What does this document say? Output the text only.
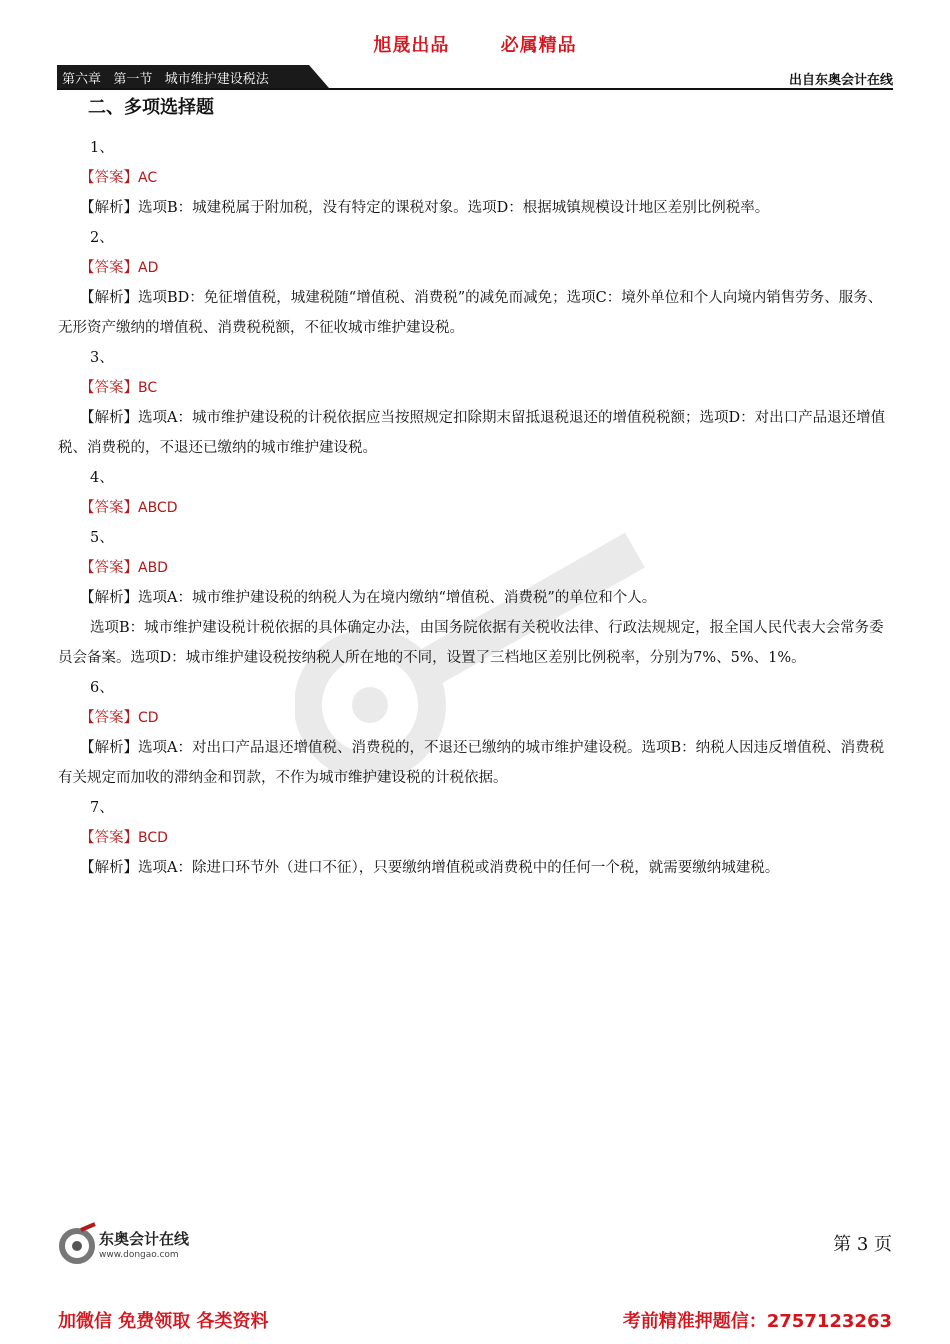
旭晟出品	必属精品
第六章   第一节   城市维护建设税法	出自东奥会计在线
二、多项选择题
1、
【答案】AC
【解析】选项B：城建税属于附加税，没有特定的课税对象。选项D：根据城镇规模设计地区差别比例税率。
2、
【答案】AD
【解析】选项BD：免征增值税，城建税随“增值税、消费税”的减免而减免；选项C：境外单位和个人向境内销售劳务、服务、无形资产缴纳的增值税、消费税税额，不征收城市维护建设税。
3、
【答案】BC
【解析】选项A：城市维护建设税的计税依据应当按照规定扣除期末留抵退税退还的增值税税额；选项D：对出口产品退还增值税、消费税的，不退还已缴纳的城市维护建设税。
4、
【答案】ABCD
5、
【答案】ABD
【解析】选项A：城市维护建设税的纳税人为在境内缴纳“增值税、消费税”的单位和个人。
选项B：城市维护建设税计税依据的具体确定办法，由国务院依据有关税收法律、行政法规规定，报全国人民代表大会常务委员会备案。选项D：城市维护建设税按纳税人所在地的不同，设置了三档地区差别比例税率，分别为7%、5%、1%。
6、
【答案】CD
【解析】选项A：对出口产品退还增值税、消费税的，不退还已缴纳的城市维护建设税。选项B：纳税人因违反增值税、消费税有关规定而加收的滞纳金和罚款，不作为城市维护建设税的计税依据。
7、
【答案】BCD
【解析】选项A：除进口环节外（进口不征），只要缴纳增值税或消费税中的任何一个税，就需要缴纳城建税。
东奥会计在线
www.dongao.com	第 3 页
加微信 免费领取 各类资料	考前精准押题信：2757123263
